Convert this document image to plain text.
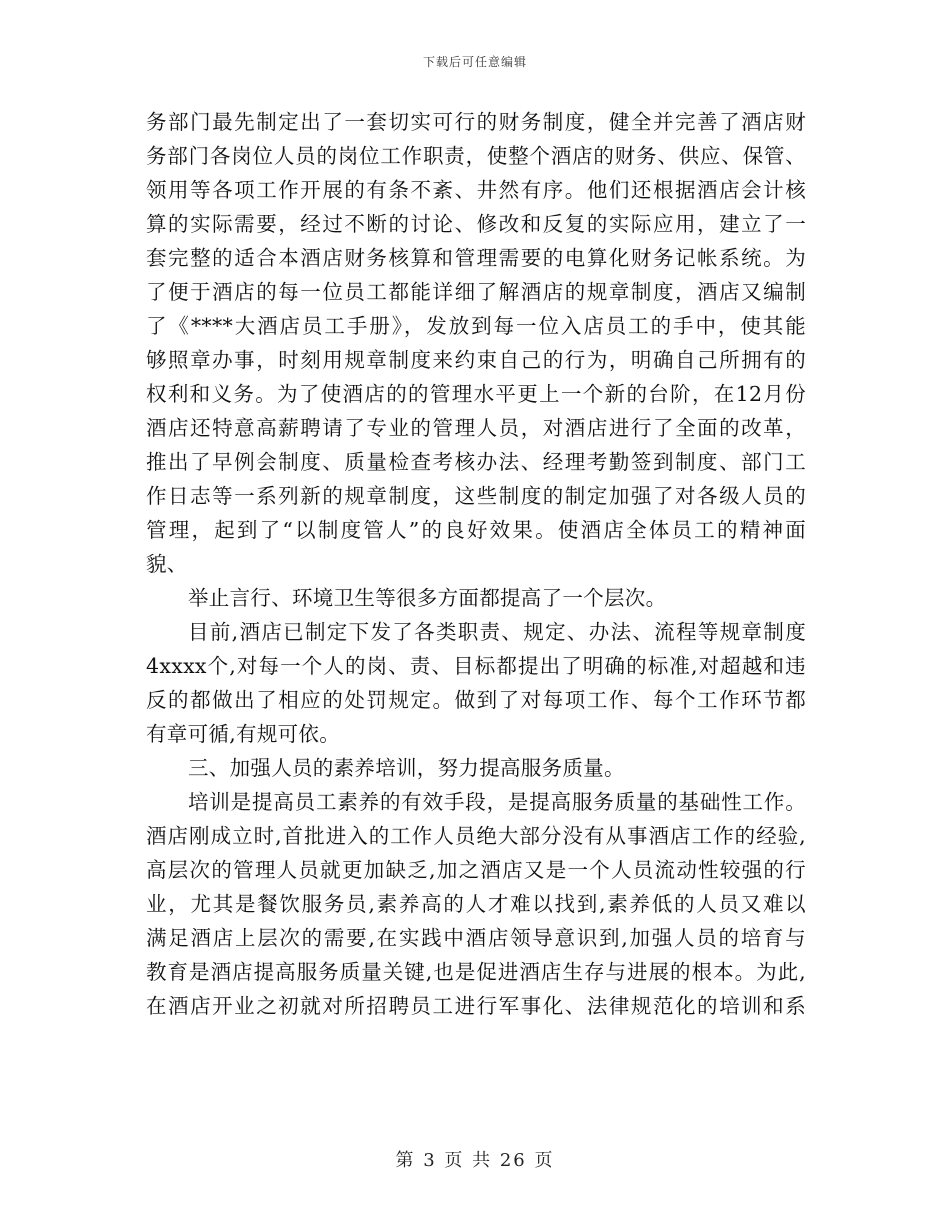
下载后可任意编辑
务部门最先制定出了一套切实可行的财务制度，健全并完善了酒店财
务部门各岗位人员的岗位工作职责，使整个酒店的财务、供应、保管、
领用等各项工作开展的有条不紊、井然有序。他们还根据酒店会计核
算的实际需要，经过不断的讨论、修改和反复的实际应用，建立了一
套完整的适合本酒店财务核算和管理需要的电算化财务记帐系统。为
了便于酒店的每一位员工都能详细了解酒店的规章制度，酒店又编制
了《****大酒店员工手册》，发放到每一位入店员工的手中，使其能
够照章办事，时刻用规章制度来约束自己的行为，明确自己所拥有的
权利和义务。为了使酒店的的管理水平更上一个新的台阶，在12月份
酒店还特意高薪聘请了专业的管理人员，对酒店进行了全面的改革，
推出了早例会制度、质量检查考核办法、经理考勤签到制度、部门工
作日志等一系列新的规章制度，这些制度的制定加强了对各级人员的
管理，起到了“以制度管人”的良好效果。使酒店全体员工的精神面
貌、
举止言行、环境卫生等很多方面都提高了一个层次。
目前,酒店已制定下发了各类职责、规定、办法、流程等规章制度
4xxxx个,对每一个人的岗、责、目标都提出了明确的标准,对超越和违
反的都做出了相应的处罚规定。做到了对每项工作、每个工作环节都
有章可循,有规可依。
三、加强人员的素养培训，努力提高服务质量。
培训是提高员工素养的有效手段，是提高服务质量的基础性工作。
酒店刚成立时,首批进入的工作人员绝大部分没有从事酒店工作的经验,
高层次的管理人员就更加缺乏,加之酒店又是一个人员流动性较强的行
业，尤其是餐饮服务员,素养高的人才难以找到,素养低的人员又难以
满足酒店上层次的需要,在实践中酒店领导意识到,加强人员的培育与
教育是酒店提高服务质量关键,也是促进酒店生存与进展的根本。为此,
在酒店开业之初就对所招聘员工进行军事化、法律规范化的培训和系
第 3 页 共 26 页
